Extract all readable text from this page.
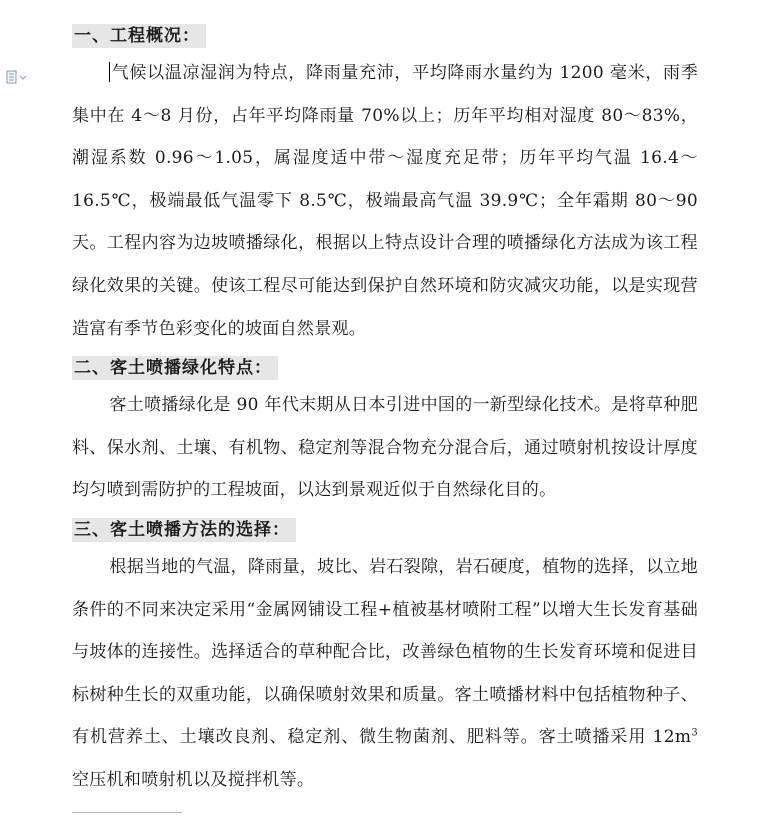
一、工程概况：

气候以温凉湿润为特点，降雨量充沛，平均降雨水量约为 1200 毫米，雨季集中在 4～8 月份，占年平均降雨量 70%以上；历年平均相对湿度 80～83%，潮湿系数 0.96～1.05，属湿度适中带～湿度充足带；历年平均气温 16.4～16.5℃，极端最低气温零下 8.5℃，极端最高气温 39.9℃；全年霜期 80～90 天。工程内容为边坡喷播绿化，根据以上特点设计合理的喷播绿化方法成为该工程绿化效果的关键。使该工程尽可能达到保护自然环境和防灾减灾功能，以是实现营造富有季节色彩变化的坡面自然景观。

二、客土喷播绿化特点：

客土喷播绿化是 90 年代末期从日本引进中国的一新型绿化技术。是将草种肥料、保水剂、土壤、有机物、稳定剂等混合物充分混合后，通过喷射机按设计厚度均匀喷到需防护的工程坡面，以达到景观近似于自然绿化目的。

三、客土喷播方法的选择：

根据当地的气温，降雨量，坡比、岩石裂隙，岩石硬度，植物的选择，以立地条件的不同来决定采用“金属网铺设工程+植被基材喷附工程”以增大生长发育基础与坡体的连接性。选择适合的草种配合比，改善绿色植物的生长发育环境和促进目标树种生长的双重功能，以确保喷射效果和质量。客土喷播材料中包括植物种子、有机营养土、土壤改良剂、稳定剂、微生物菌剂、肥料等。客土喷播采用 $12m^3$ 空压机和喷射机以及搅拌机等。
